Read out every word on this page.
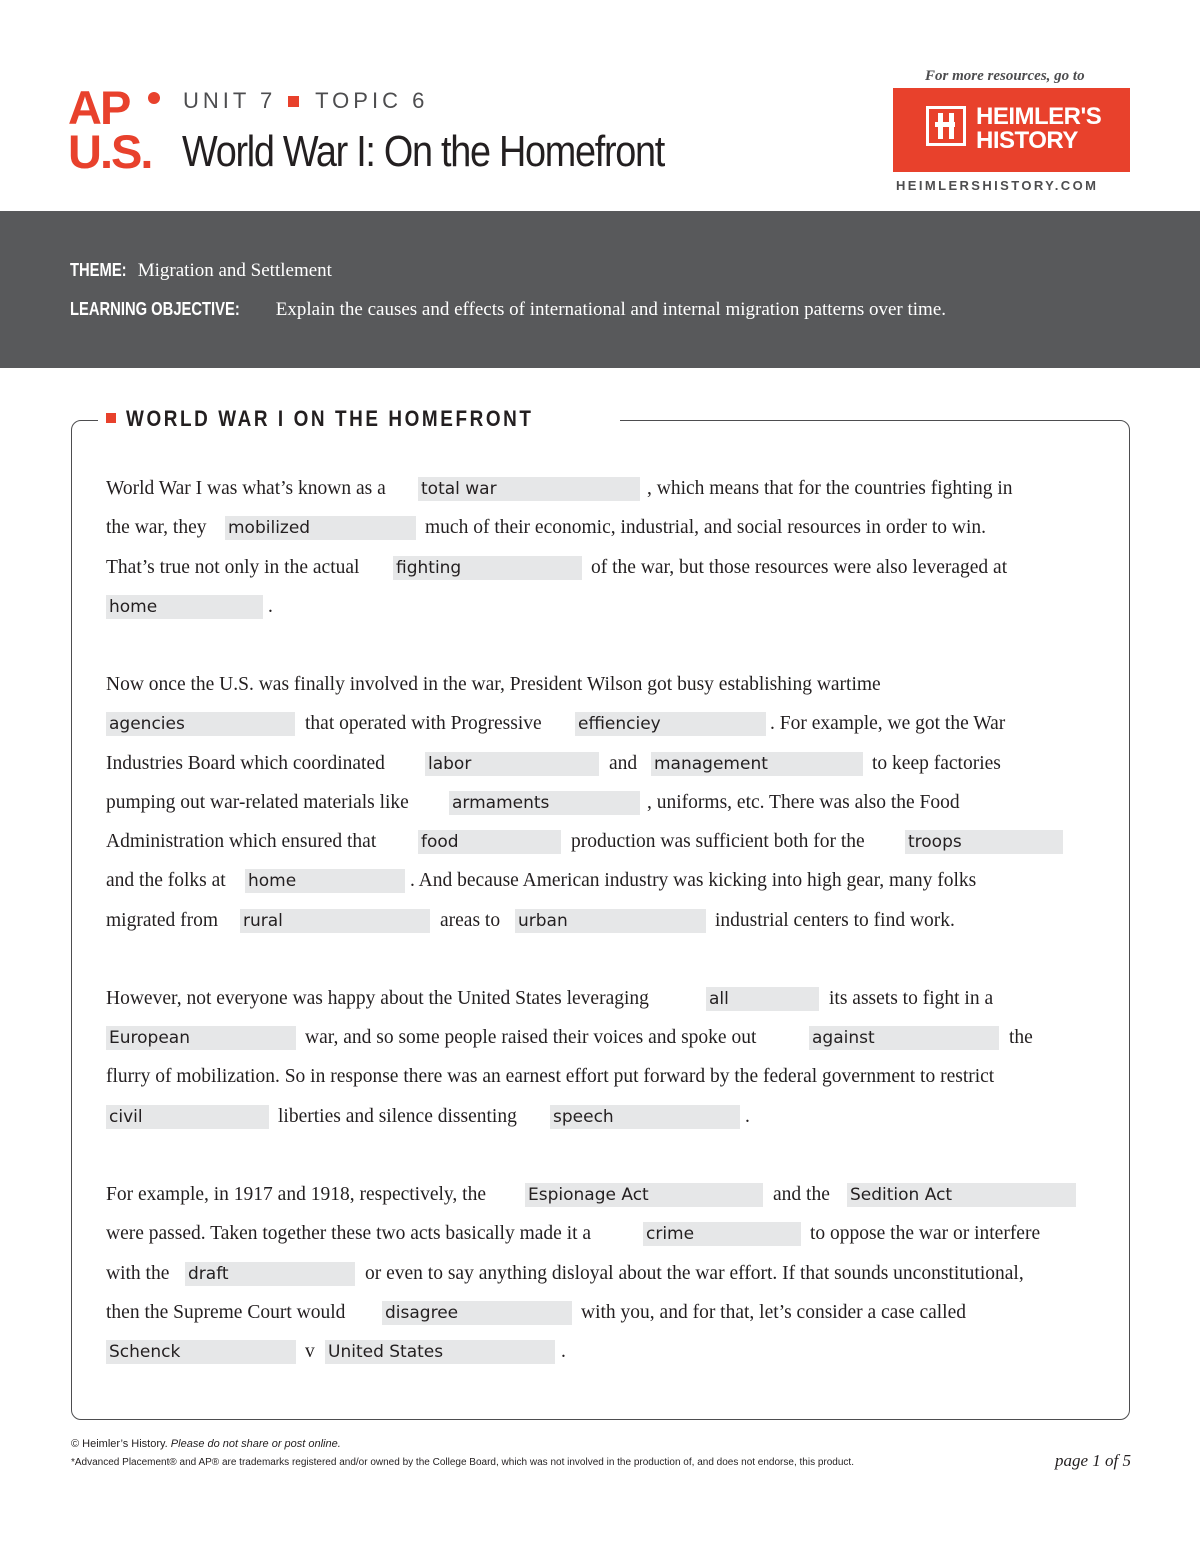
AP
U.S.
UNIT 7 TOPIC 6
World War I: On the Homefront
For more resources, go to
HEIMLER'S
HISTORY
HEIMLERSHISTORY.COM
THEME: Migration and Settlement
LEARNING OBJECTIVE: Explain the causes and effects of international and internal migration patterns over time.
WORLD WAR I ON THE HOMEFRONT
World War I was what’s known as a total war	, which means that for the countries fighting in
the war, they mobilized	much of their economic, industrial, and social resources in order to win.
That’s true not only in the actual fighting	of the war, but those resources were also leveraged at
home	.
Now once the U.S. was finally involved in the war, President Wilson got busy establishing wartime
agencies	that operated with Progressive effienciey	. For example, we got the War
Industries Board which coordinated	labor	and management	to keep factories
pumping out war-related materials like	armaments	, uniforms, etc. There was also the Food
Administration which ensured that	food	production was sufficient both for the	troops
and the folks at home	. And because American industry was kicking into high gear, many folks
migrated from rural	areas to urban	industrial centers to find work.
However, not everyone was happy about the United States leveraging	all	its assets to fight in a
European	war, and so some people raised their voices and spoke out	against	the
flurry of mobilization. So in response there was an earnest effort put forward by the federal government to restrict
civil	liberties and silence dissenting speech	.
For example, in 1917 and 1918, respectively, the Espionage Act	and the Sedition Act
were passed. Taken together these two acts basically made it a	crime	to oppose the war or interfere
with the draft	or even to say anything disloyal about the war effort. If that sounds unconstitutional,
then the Supreme Court would disagree	with you, and for that, let’s consider a case called
Schenck	v United States	.
© Heimler’s History. Please do not share or post online.
*Advanced Placement® and AP® are trademarks registered and/or owned by the College Board, which was not involved in the production of, and does not endorse, this product.	page 1 of 5
